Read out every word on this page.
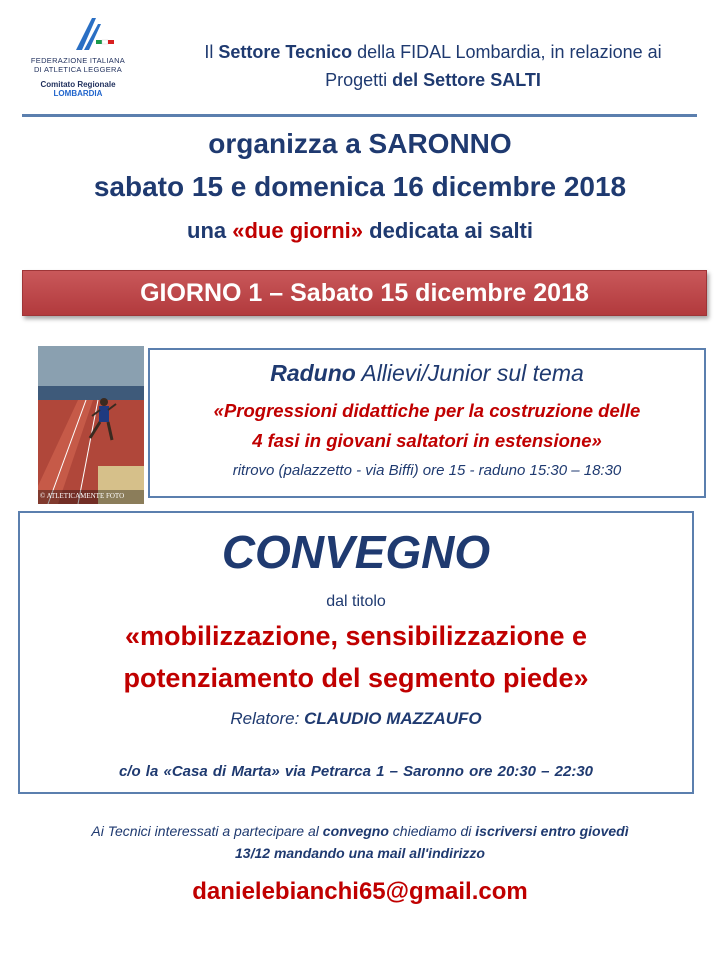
FEDERAZIONE ITALIANA
DI ATLETICA LEGGERA
Comitato Regionale LOMBARDIA
Il Settore Tecnico della FIDAL Lombardia, in relazione ai
Progetti del Settore SALTI
organizza a SARONNO
sabato 15 e domenica 16 dicembre 2018
una «due giorni» dedicata ai salti
GIORNO 1 – Sabato 15 dicembre 2018
© ATLETICAMENTE FOTO
Raduno Allievi/Junior sul tema
«Progressioni didattiche per la costruzione delle
4 fasi in giovani saltatori in estensione»
ritrovo (palazzetto - via Biffi) ore 15 - raduno 15:30 – 18:30
CONVEGNO
dal titolo
«mobilizzazione, sensibilizzazione e
potenziamento del segmento piede»
Relatore: CLAUDIO MAZZAUFO
c/o la «Casa di Marta» via Petrarca 1 – Saronno ore 20:30 – 22:30
Ai Tecnici interessati a partecipare al convegno chiediamo di iscriversi entro giovedì
13/12 mandando una mail all'indirizzo
danielebianchi65@gmail.com
